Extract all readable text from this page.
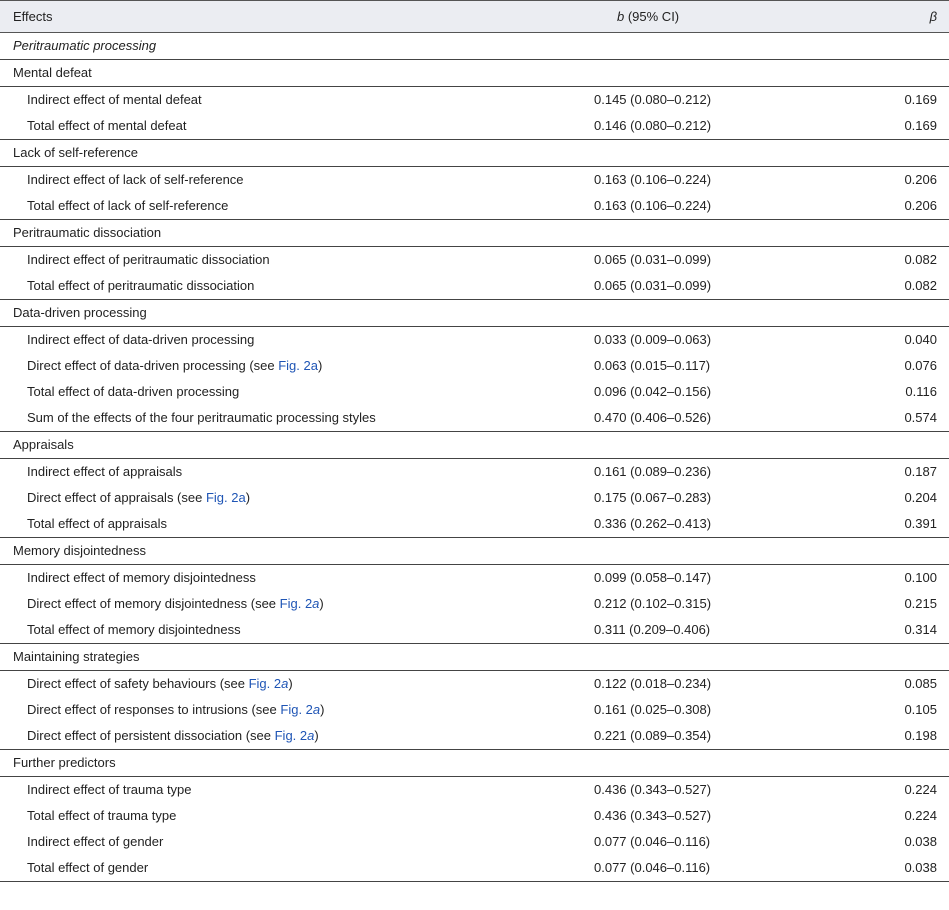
Effects	b (95% CI)	β
Peritraumatic processing		
Mental defeat		
Indirect effect of mental defeat	0.145 (0.080–0.212)	0.169
Total effect of mental defeat	0.146 (0.080–0.212)	0.169
Lack of self-reference		
Indirect effect of lack of self-reference	0.163 (0.106–0.224)	0.206
Total effect of lack of self-reference	0.163 (0.106–0.224)	0.206
Peritraumatic dissociation		
Indirect effect of peritraumatic dissociation	0.065 (0.031–0.099)	0.082
Total effect of peritraumatic dissociation	0.065 (0.031–0.099)	0.082
Data-driven processing		
Indirect effect of data-driven processing	0.033 (0.009–0.063)	0.040
Direct effect of data-driven processing (see Fig. 2a)	0.063 (0.015–0.117)	0.076
Total effect of data-driven processing	0.096 (0.042–0.156)	0.116
Sum of the effects of the four peritraumatic processing styles	0.470 (0.406–0.526)	0.574
Appraisals		
Indirect effect of appraisals	0.161 (0.089–0.236)	0.187
Direct effect of appraisals (see Fig. 2a)	0.175 (0.067–0.283)	0.204
Total effect of appraisals	0.336 (0.262–0.413)	0.391
Memory disjointedness		
Indirect effect of memory disjointedness	0.099 (0.058–0.147)	0.100
Direct effect of memory disjointedness (see Fig. 2a)	0.212 (0.102–0.315)	0.215
Total effect of memory disjointedness	0.311 (0.209–0.406)	0.314
Maintaining strategies		
Direct effect of safety behaviours (see Fig. 2a)	0.122 (0.018–0.234)	0.085
Direct effect of responses to intrusions (see Fig. 2a)	0.161 (0.025–0.308)	0.105
Direct effect of persistent dissociation (see Fig. 2a)	0.221 (0.089–0.354)	0.198
Further predictors		
Indirect effect of trauma type	0.436 (0.343–0.527)	0.224
Total effect of trauma type	0.436 (0.343–0.527)	0.224
Indirect effect of gender	0.077 (0.046–0.116)	0.038
Total effect of gender	0.077 (0.046–0.116)	0.038
